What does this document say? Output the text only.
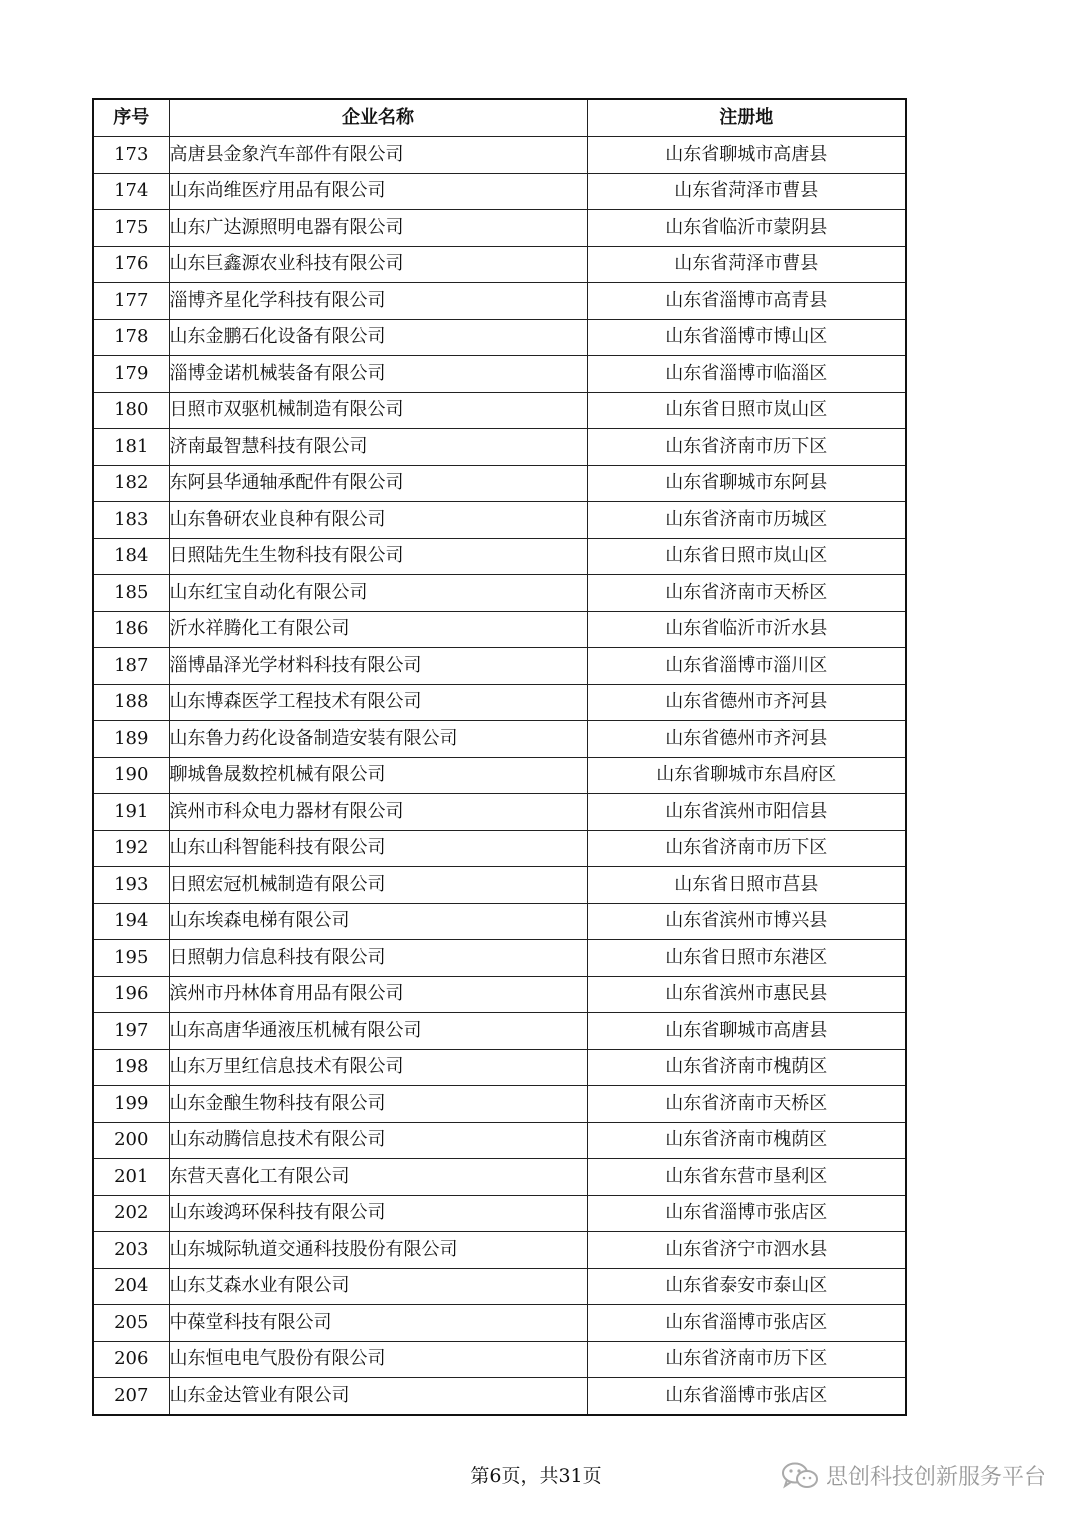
序号	企业名称	注册地
173	高唐县金象汽车部件有限公司	山东省聊城市高唐县
174	山东尚维医疗用品有限公司	山东省菏泽市曹县
175	山东广达源照明电器有限公司	山东省临沂市蒙阴县
176	山东巨鑫源农业科技有限公司	山东省菏泽市曹县
177	淄博齐星化学科技有限公司	山东省淄博市高青县
178	山东金鹏石化设备有限公司	山东省淄博市博山区
179	淄博金诺机械装备有限公司	山东省淄博市临淄区
180	日照市双驱机械制造有限公司	山东省日照市岚山区
181	济南最智慧科技有限公司	山东省济南市历下区
182	东阿县华通轴承配件有限公司	山东省聊城市东阿县
183	山东鲁研农业良种有限公司	山东省济南市历城区
184	日照陆先生生物科技有限公司	山东省日照市岚山区
185	山东红宝自动化有限公司	山东省济南市天桥区
186	沂水祥腾化工有限公司	山东省临沂市沂水县
187	淄博晶泽光学材料科技有限公司	山东省淄博市淄川区
188	山东博森医学工程技术有限公司	山东省德州市齐河县
189	山东鲁力药化设备制造安装有限公司	山东省德州市齐河县
190	聊城鲁晟数控机械有限公司	山东省聊城市东昌府区
191	滨州市科众电力器材有限公司	山东省滨州市阳信县
192	山东山科智能科技有限公司	山东省济南市历下区
193	日照宏冠机械制造有限公司	山东省日照市莒县
194	山东埃森电梯有限公司	山东省滨州市博兴县
195	日照朝力信息科技有限公司	山东省日照市东港区
196	滨州市丹林体育用品有限公司	山东省滨州市惠民县
197	山东高唐华通液压机械有限公司	山东省聊城市高唐县
198	山东万里红信息技术有限公司	山东省济南市槐荫区
199	山东金酿生物科技有限公司	山东省济南市天桥区
200	山东动腾信息技术有限公司	山东省济南市槐荫区
201	东营天喜化工有限公司	山东省东营市垦利区
202	山东竣鸿环保科技有限公司	山东省淄博市张店区
203	山东城际轨道交通科技股份有限公司	山东省济宁市泗水县
204	山东艾森水业有限公司	山东省泰安市泰山区
205	中葆堂科技有限公司	山东省淄博市张店区
206	山东恒电电气股份有限公司	山东省济南市历下区
207	山东金达管业有限公司	山东省淄博市张店区
第6页，共31页	思创科技创新服务平台
